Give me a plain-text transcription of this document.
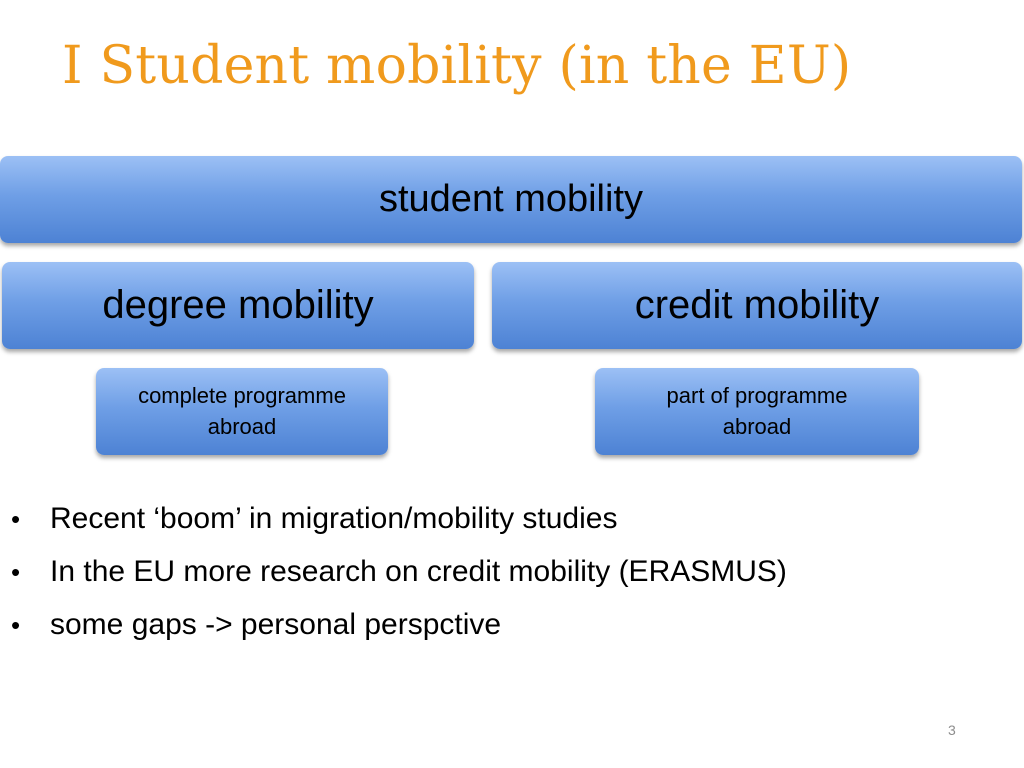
I Student mobility (in the EU)
student mobility
degree mobility	credit mobility
complete programme
abroad
part of programme
abroad
• Recent ‘boom’ in migration/mobility studies
• In the EU more research on credit mobility (ERASMUS)
• some gaps -> personal perspctive
3
